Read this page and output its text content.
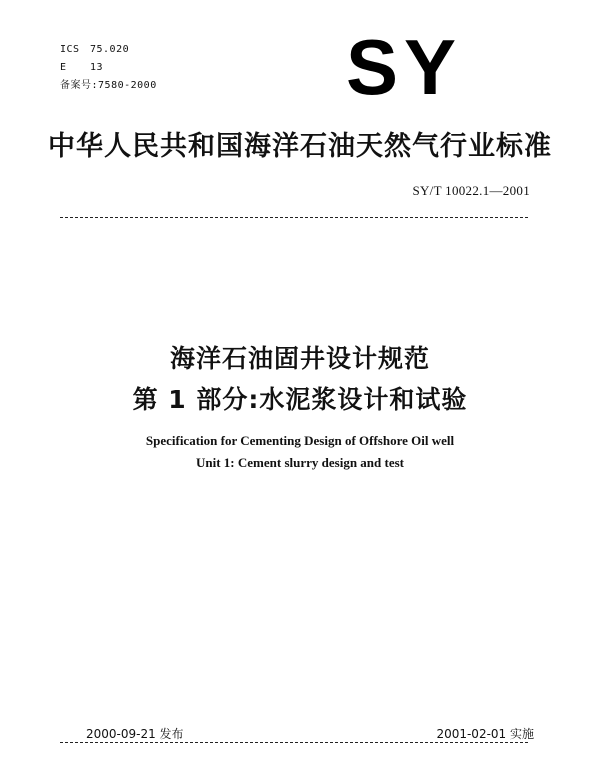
ICS 75.020
E 13
备案号:7580-2000 SY
中华人民共和国海洋石油天然气行业标准
SY/T 10022.1—2001
海洋石油固井设计规范
第 1 部分:水泥浆设计和试验
Specification for Cementing Design of Offshore Oil well
Unit 1: Cement slurry design and test
2000-09-21 发布	2001-02-01 实施
